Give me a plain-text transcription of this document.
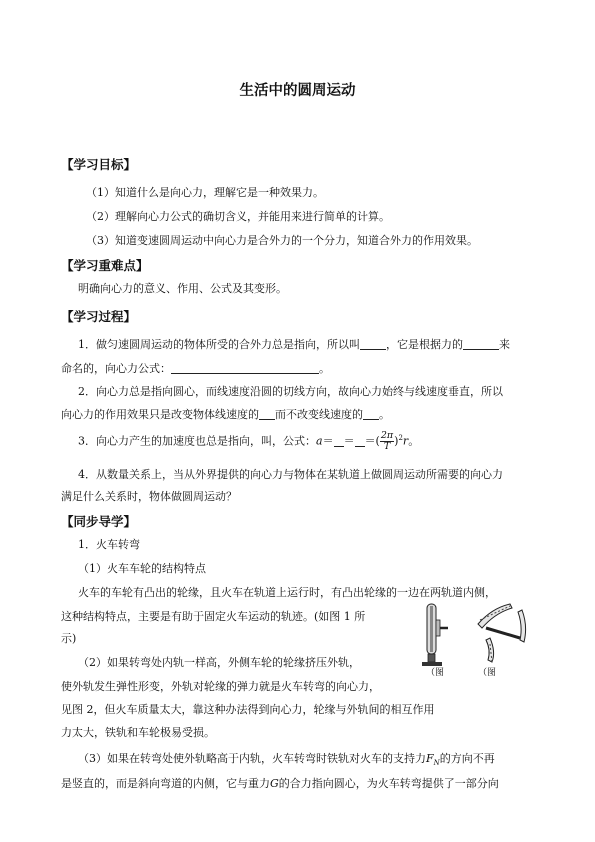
生活中的圆周运动
【学习目标】
（1）知道什么是向心力，理解它是一种效果力。
（2）理解向心力公式的确切含义，并能用来进行简单的计算。
（3）知道变速圆周运动中向心力是合外力的一个分力，知道合外力的作用效果。
【学习重难点】
明确向心力的意义、作用、公式及其变形。
【学习过程】
1．做匀速圆周运动的物体所受的合外力总是指向，所以叫 ，它是根据力的	来
命名的，向心力公式：	。
2．向心力总是指向圆心，而线速度沿圆的切线方向，故向心力始终与线速度垂直，所以
向心力的作用效果只是改变物体线速度的 而不改变线速度的 。
3．向心力产生的加速度也总是指向，叫，公式：a＝ ＝ ＝( $\frac{2\pi}{T} )^2r$。
4．从数量关系上，当从外界提供的向心力与物体在某轨道上做圆周运动所需要的向心力
满足什么关系时，物体做圆周运动？
【同步导学】
1．火车转弯
（1）火车车轮的结构特点
火车的车轮有凸出的轮缘，且火车在轨道上运行时，有凸出轮缘的一边在两轨道内侧，
这种结构特点，主要是有助于固定火车运动的轨迹。(如图 1 所
示)
（2）如果转弯处内轨一样高，外侧车轮的轮缘挤压外轨，
使外轨发生弹性形变，外轨对轮缘的弹力就是火车转弯的向心力，
见图 2，但火车质量太大，靠这种办法得到向心力，轮缘与外轨间的相互作用
力太大，铁轨和车轮极易受损。
（3）如果在转弯处使外轨略高于内轨，火车转弯时铁轨对火车的支持力$F_N$的方向不再
是竖直的，而是斜向弯道的内侧，它与重力G的合力指向圆心，为火车转弯提供了一部分向
（图	（图
